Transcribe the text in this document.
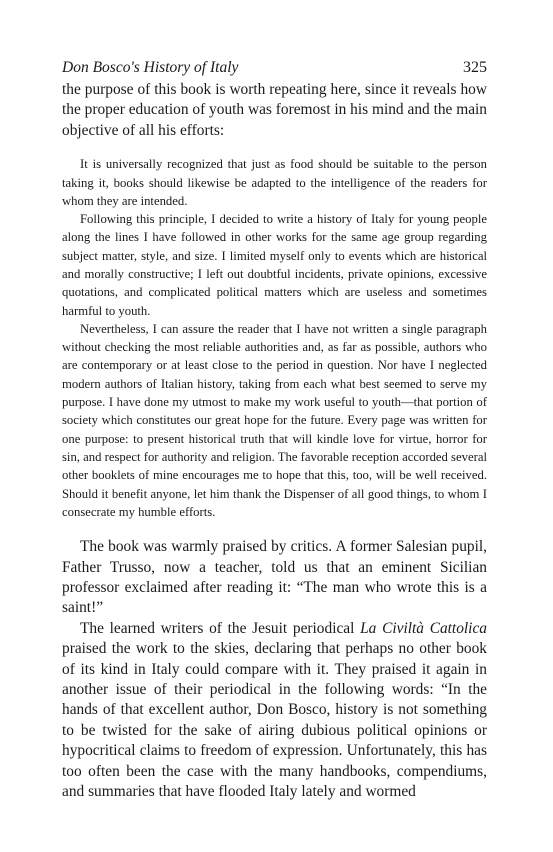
Don Bosco's History of Italy	325

the purpose of this book is worth repeating here, since it reveals how the proper education of youth was foremost in his mind and the main objective of all his efforts:

It is universally recognized that just as food should be suitable to the person taking it, books should likewise be adapted to the intelligence of the readers for whom they are intended.

Following this principle, I decided to write a history of Italy for young people along the lines I have followed in other works for the same age group regarding subject matter, style, and size. I limited myself only to events which are historical and morally constructive; I left out doubtful incidents, private opinions, excessive quotations, and complicated political matters which are useless and sometimes harmful to youth.

Nevertheless, I can assure the reader that I have not written a single paragraph without checking the most reliable authorities and, as far as possible, authors who are contemporary or at least close to the period in question. Nor have I neglected modern authors of Italian history, taking from each what best seemed to serve my purpose. I have done my utmost to make my work useful to youth—that portion of society which constitutes our great hope for the future. Every page was written for one purpose: to present historical truth that will kindle love for virtue, horror for sin, and respect for authority and religion. The favorable reception accorded several other booklets of mine encourages me to hope that this, too, will be well received. Should it benefit anyone, let him thank the Dispenser of all good things, to whom I consecrate my humble efforts.

The book was warmly praised by critics. A former Salesian pupil, Father Trusso, now a teacher, told us that an eminent Sicilian professor exclaimed after reading it: “The man who wrote this is a saint!”

The learned writers of the Jesuit periodical La Civiltà Cattolica praised the work to the skies, declaring that perhaps no other book of its kind in Italy could compare with it. They praised it again in another issue of their periodical in the following words: “In the hands of that excellent author, Don Bosco, history is not something to be twisted for the sake of airing dubious political opinions or hypocritical claims to freedom of expression. Unfortunately, this has too often been the case with the many handbooks, compendiums, and summaries that have flooded Italy lately and wormed
